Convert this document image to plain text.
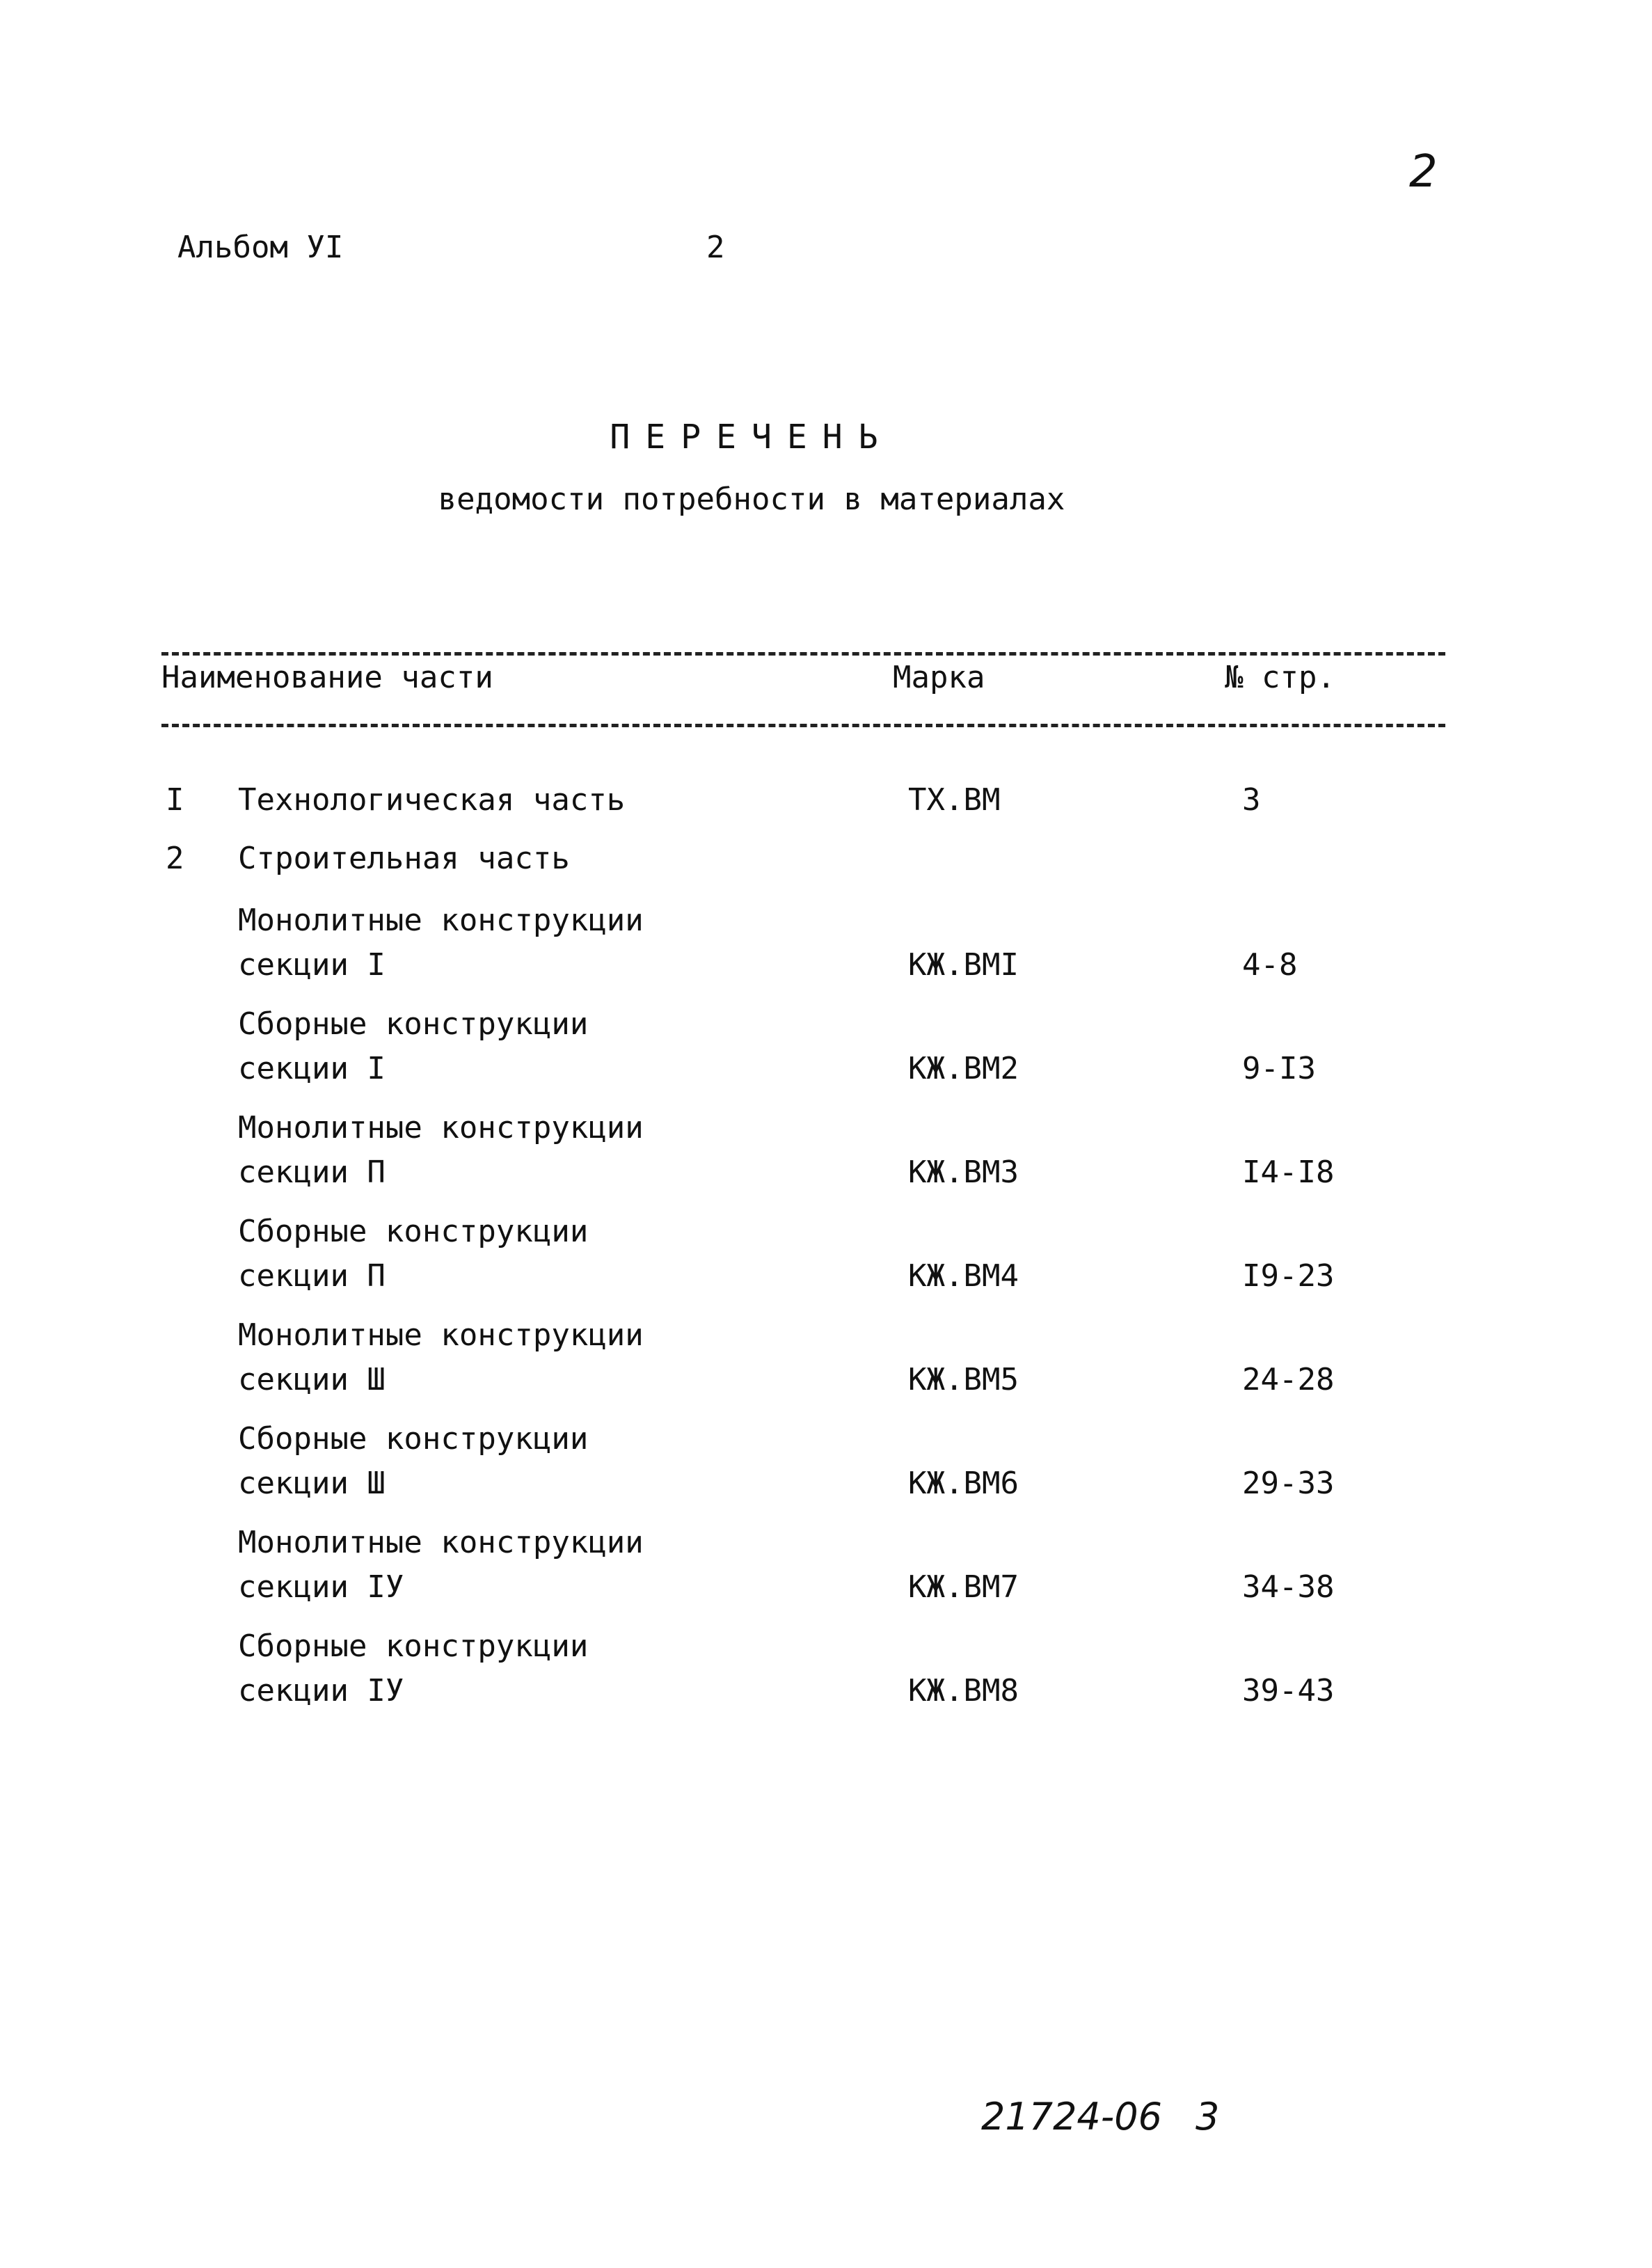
2
Альбом УI	2
ПЕРЕЧЕНЬ
ведомости потребности в материалах
Наименование части	Марка	№ стр.
I Технологическая часть	ТХ.ВМ	3
2 Строительная часть
Монолитные конструкции
секции I	КЖ.ВМI	4-8
Сборные конструкции
секции I	КЖ.ВМ2	9-I3
Монолитные конструкции
секции П	КЖ.ВМ3	I4-I8
Сборные конструкции
секции П	КЖ.ВМ4	I9-23
Монолитные конструкции
секции Ш	КЖ.ВМ5	24-28
Сборные конструкции
секции Ш	КЖ.ВМ6	29-33
Монолитные конструкции
секции IУ	КЖ.ВМ7	34-38
Сборные конструкции
секции IУ	КЖ.ВМ8	39-43
21724-06 3
